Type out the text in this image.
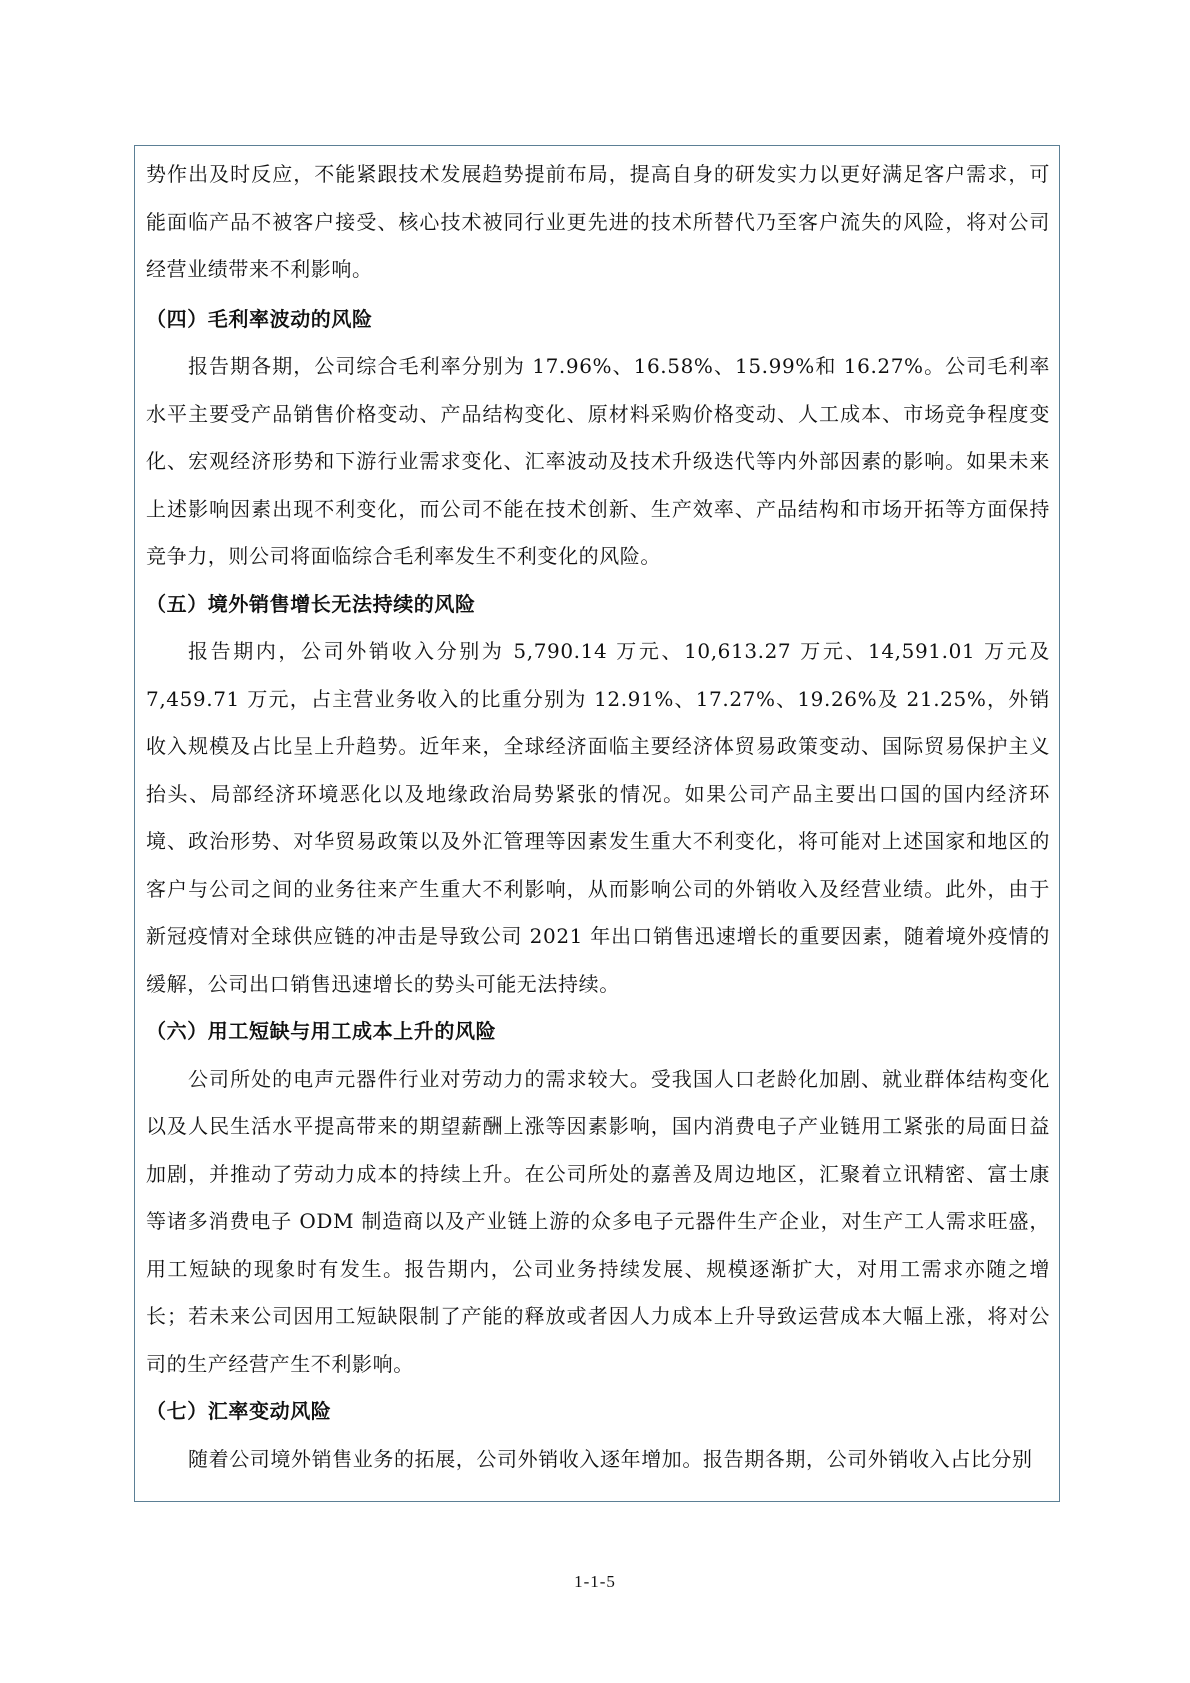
势作出及时反应，不能紧跟技术发展趋势提前布局，提高自身的研发实力以更好满足客户需求，可能面临产品不被客户接受、核心技术被同行业更先进的技术所替代乃至客户流失的风险，将对公司经营业绩带来不利影响。

（四）毛利率波动的风险

报告期各期，公司综合毛利率分别为 17.96%、16.58%、15.99%和 16.27%。公司毛利率水平主要受产品销售价格变动、产品结构变化、原材料采购价格变动、人工成本、市场竞争程度变化、宏观经济形势和下游行业需求变化、汇率波动及技术升级迭代等内外部因素的影响。如果未来上述影响因素出现不利变化，而公司不能在技术创新、生产效率、产品结构和市场开拓等方面保持竞争力，则公司将面临综合毛利率发生不利变化的风险。

（五）境外销售增长无法持续的风险

报告期内，公司外销收入分别为 5,790.14 万元、10,613.27 万元、14,591.01 万元及 7,459.71 万元，占主营业务收入的比重分别为 12.91%、17.27%、19.26%及 21.25%，外销收入规模及占比呈上升趋势。近年来，全球经济面临主要经济体贸易政策变动、国际贸易保护主义抬头、局部经济环境恶化以及地缘政治局势紧张的情况。如果公司产品主要出口国的国内经济环境、政治形势、对华贸易政策以及外汇管理等因素发生重大不利变化，将可能对上述国家和地区的客户与公司之间的业务往来产生重大不利影响，从而影响公司的外销收入及经营业绩。此外，由于新冠疫情对全球供应链的冲击是导致公司 2021 年出口销售迅速增长的重要因素，随着境外疫情的缓解，公司出口销售迅速增长的势头可能无法持续。

（六）用工短缺与用工成本上升的风险

公司所处的电声元器件行业对劳动力的需求较大。受我国人口老龄化加剧、就业群体结构变化以及人民生活水平提高带来的期望薪酬上涨等因素影响，国内消费电子产业链用工紧张的局面日益加剧，并推动了劳动力成本的持续上升。在公司所处的嘉善及周边地区，汇聚着立讯精密、富士康等诸多消费电子 ODM 制造商以及产业链上游的众多电子元器件生产企业，对生产工人需求旺盛，用工短缺的现象时有发生。报告期内，公司业务持续发展、规模逐渐扩大，对用工需求亦随之增长；若未来公司因用工短缺限制了产能的释放或者因人力成本上升导致运营成本大幅上涨，将对公司的生产经营产生不利影响。

（七）汇率变动风险

随着公司境外销售业务的拓展，公司外销收入逐年增加。报告期各期，公司外销收入占比分别

1-1-5
